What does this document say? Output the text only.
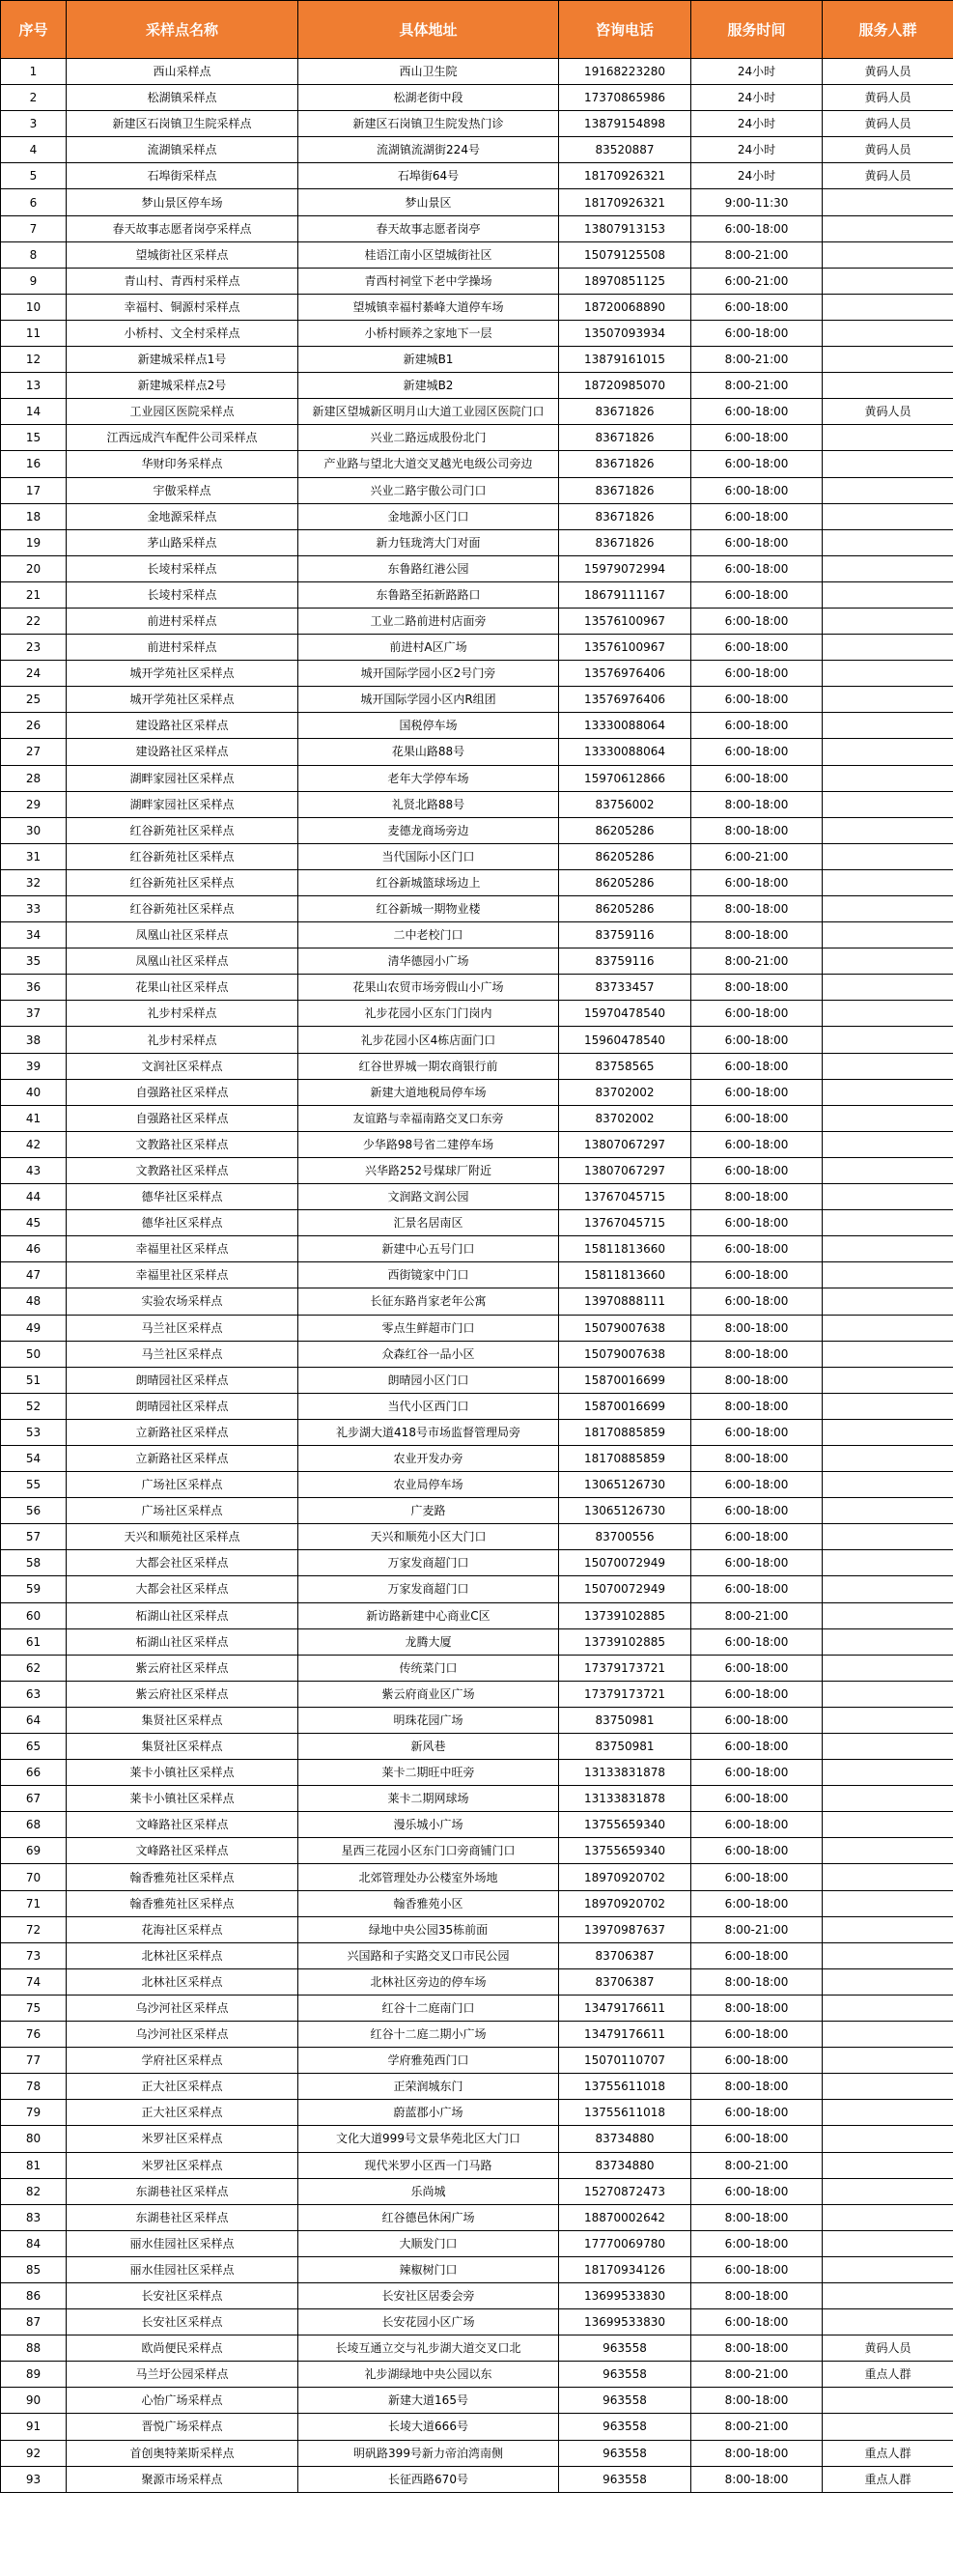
序号	采样点名称	具体地址	咨询电话	服务时间	服务人群
1	西山采样点	西山卫生院	19168223280	24小时	黄码人员
2	松湖镇采样点	松湖老街中段	17370865986	24小时	黄码人员
3	新建区石岗镇卫生院采样点	新建区石岗镇卫生院发热门诊	13879154898	24小时	黄码人员
4	流湖镇采样点	流湖镇流湖街224号	83520887	24小时	黄码人员
5	石埠街采样点	石埠街64号	18170926321	24小时	黄码人员
6	梦山景区停车场	梦山景区	18170926321	9:00-11:30	
7	春天故事志愿者岗亭采样点	春天故事志愿者岗亭	13807913153	6:00-18:00	
8	望城街社区采样点	桂语江南小区望城街社区	15079125508	8:00-21:00	
9	青山村、青西村采样点	青西村祠堂下老中学操场	18970851125	6:00-21:00	
10	幸福村、铜源村采样点	望城镇幸福村綦峰大道停车场	18720068890	6:00-18:00	
11	小桥村、文全村采样点	小桥村顾养之家地下一层	13507093934	6:00-18:00	
12	新建城采样点1号	新建城B1	13879161015	8:00-21:00	
13	新建城采样点2号	新建城B2	18720985070	8:00-21:00	
14	工业园区医院采样点	新建区望城新区明月山大道工业园区医院门口	83671826	6:00-18:00	黄码人员
15	江西远成汽车配件公司采样点	兴业二路远成股份北门	83671826	6:00-18:00	
16	华财印务采样点	产业路与望北大道交叉越光电级公司旁边	83671826	6:00-18:00	
17	宇傲采样点	兴业二路宇傲公司门口	83671826	6:00-18:00	
18	金地源采样点	金地源小区门口	83671826	6:00-18:00	
19	茅山路采样点	新力钰珑湾大门对面	83671826	6:00-18:00	
20	长堎村采样点	东鲁路红港公园	15979072994	6:00-18:00	
21	长堎村采样点	东鲁路至拓新路路口	18679111167	6:00-18:00	
22	前进村采样点	工业二路前进村店面旁	13576100967	6:00-18:00	
23	前进村采样点	前进村A区广场	13576100967	6:00-18:00	
24	城开学苑社区采样点	城开国际学园小区2号门旁	13576976406	6:00-18:00	
25	城开学苑社区采样点	城开国际学园小区内R组团	13576976406	6:00-18:00	
26	建设路社区采样点	国税停车场	13330088064	6:00-18:00	
27	建设路社区采样点	花果山路88号	13330088064	6:00-18:00	
28	湖畔家园社区采样点	老年大学停车场	15970612866	6:00-18:00	
29	湖畔家园社区采样点	礼贤北路88号	83756002	8:00-18:00	
30	红谷新苑社区采样点	麦德龙商场旁边	86205286	8:00-18:00	
31	红谷新苑社区采样点	当代国际小区门口	86205286	6:00-21:00	
32	红谷新苑社区采样点	红谷新城篮球场边上	86205286	6:00-18:00	
33	红谷新苑社区采样点	红谷新城一期物业楼	86205286	8:00-18:00	
34	凤凰山社区采样点	二中老校门口	83759116	8:00-18:00	
35	凤凰山社区采样点	清华德园小广场	83759116	8:00-21:00	
36	花果山社区采样点	花果山农贸市场旁假山小广场	83733457	8:00-18:00	
37	礼步村采样点	礼步花园小区东门门岗内	15970478540	6:00-18:00	
38	礼步村采样点	礼步花园小区4栋店面门口	15960478540	6:00-18:00	
39	文润社区采样点	红谷世界城一期农商银行前	83758565	6:00-18:00	
40	自强路社区采样点	新建大道地税局停车场	83702002	6:00-18:00	
41	自强路社区采样点	友谊路与幸福南路交叉口东旁	83702002	6:00-18:00	
42	文教路社区采样点	少华路98号省二建停车场	13807067297	6:00-18:00	
43	文教路社区采样点	兴华路252号煤球厂附近	13807067297	6:00-18:00	
44	德华社区采样点	文润路文润公园	13767045715	8:00-18:00	
45	德华社区采样点	汇景名居南区	13767045715	6:00-18:00	
46	幸福里社区采样点	新建中心五号门口	15811813660	6:00-18:00	
47	幸福里社区采样点	西街镜家中门口	15811813660	6:00-18:00	
48	实验农场采样点	长征东路肖家老年公寓	13970888111	6:00-18:00	
49	马兰社区采样点	零点生鲜超市门口	15079007638	8:00-18:00	
50	马兰社区采样点	众森红谷一品小区	15079007638	8:00-18:00	
51	朗晴园社区采样点	朗晴园小区门口	15870016699	8:00-18:00	
52	朗晴园社区采样点	当代小区西门口	15870016699	8:00-18:00	
53	立新路社区采样点	礼步湖大道418号市场监督管理局旁	18170885859	6:00-18:00	
54	立新路社区采样点	农业开发办旁	18170885859	8:00-18:00	
55	广场社区采样点	农业局停车场	13065126730	6:00-18:00	
56	广场社区采样点	广麦路	13065126730	6:00-18:00	
57	天兴和顺苑社区采样点	天兴和顺苑小区大门口	83700556	6:00-18:00	
58	大都会社区采样点	万家发商超门口	15070072949	6:00-18:00	
59	大都会社区采样点	万家发商超门口	15070072949	6:00-18:00	
60	柘湖山社区采样点	新访路新建中心商业C区	13739102885	8:00-21:00	
61	柘湖山社区采样点	龙腾大厦	13739102885	6:00-18:00	
62	紫云府社区采样点	传统菜门口	17379173721	6:00-18:00	
63	紫云府社区采样点	紫云府商业区广场	17379173721	6:00-18:00	
64	集贤社区采样点	明珠花园广场	83750981	6:00-18:00	
65	集贤社区采样点	新风巷	83750981	6:00-18:00	
66	莱卡小镇社区采样点	莱卡二期旺中旺旁	13133831878	6:00-18:00	
67	莱卡小镇社区采样点	莱卡二期网球场	13133831878	6:00-18:00	
68	文峰路社区采样点	漫乐城小广场	13755659340	6:00-18:00	
69	文峰路社区采样点	星西三花园小区东门口旁商铺门口	13755659340	6:00-18:00	
70	翰香雅苑社区采样点	北郊管理处办公楼室外场地	18970920702	6:00-18:00	
71	翰香雅苑社区采样点	翰香雅苑小区	18970920702	6:00-18:00	
72	花海社区采样点	绿地中央公园35栋前面	13970987637	8:00-21:00	
73	北林社区采样点	兴国路和子实路交叉口市民公园	83706387	6:00-18:00	
74	北林社区采样点	北林社区旁边的停车场	83706387	8:00-18:00	
75	乌沙河社区采样点	红谷十二庭南门口	13479176611	8:00-18:00	
76	乌沙河社区采样点	红谷十二庭二期小广场	13479176611	6:00-18:00	
77	学府社区采样点	学府雅苑西门口	15070110707	6:00-18:00	
78	正大社区采样点	正荣润城东门	13755611018	8:00-18:00	
79	正大社区采样点	蔚蓝郡小广场	13755611018	6:00-18:00	
80	米罗社区采样点	文化大道999号文景华苑北区大门口	83734880	6:00-18:00	
81	米罗社区采样点	现代米罗小区西一门马路	83734880	8:00-21:00	
82	东湖巷社区采样点	乐尚城	15270872473	6:00-18:00	
83	东湖巷社区采样点	红谷德邑休闲广场	18870002642	8:00-18:00	
84	丽水佳园社区采样点	大顺发门口	17770069780	6:00-18:00	
85	丽水佳园社区采样点	辣椒树门口	18170934126	6:00-18:00	
86	长安社区采样点	长安社区居委会旁	13699533830	8:00-18:00	
87	长安社区采样点	长安花园小区广场	13699533830	6:00-18:00	
88	欧尚便民采样点	长堎互通立交与礼步湖大道交叉口北	963558	8:00-18:00	黄码人员
89	马兰圩公园采样点	礼步湖绿地中央公园以东	963558	8:00-21:00	重点人群
90	心怡广场采样点	新建大道165号	963558	8:00-18:00	
91	晋悦广场采样点	长堎大道666号	963558	8:00-21:00	
92	首创奥特莱斯采样点	明矾路399号新力帝泊湾南侧	963558	8:00-18:00	重点人群
93	聚源市场采样点	长征西路670号	963558	8:00-18:00	重点人群
